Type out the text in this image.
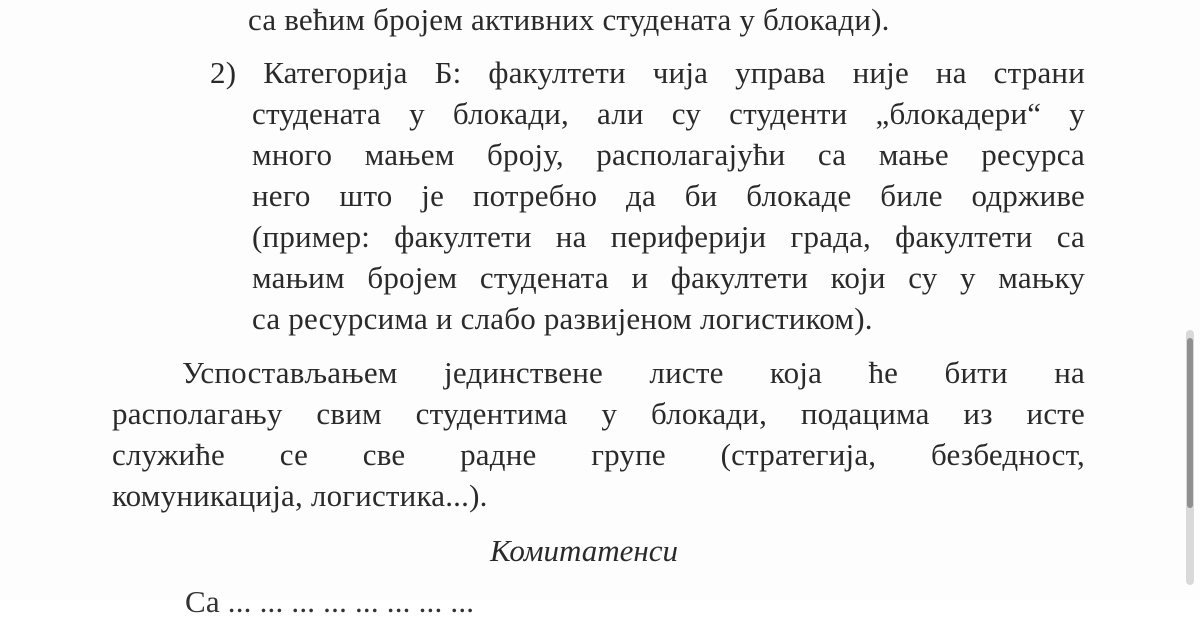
са већим бројем активних студената у блокади).
2) Категорија Б: факултети чија управа није на страни
студената у блокади, али су студенти „блокадери“ у
много мањем броју, располагајући са мање ресурса
него што је потребно да би блокаде биле одрживе
(пример: факултети на периферији града, факултети са
мањим бројем студената и факултети који су у мањку
са ресурсима и слабо развијеном логистиком).
Успостављањем јединствене листе која ће бити на
располагању свим студентима у блокади, подацима из исте
служиће се све радне групе (стратегија, безбедност,
комуникација, логистика...).
Комитатенси
Са ... ... ... ... ... ... ... ...
